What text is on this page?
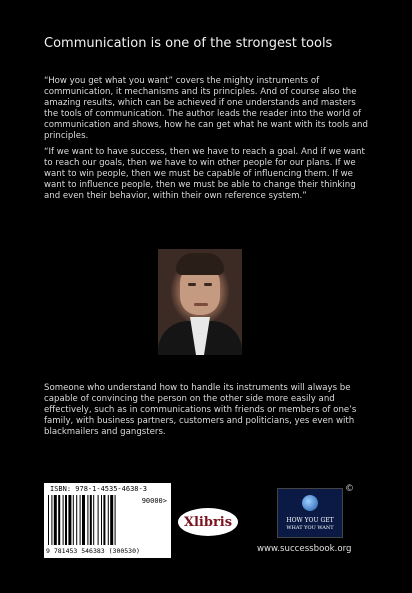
Communication is one of the strongest tools

“How you get what you want” covers the mighty instruments of communication, it mechanisms and its principles. And of course also the amazing results, which can be achieved if one understands and masters the tools of communication. The author leads the reader into the world of communication and shows, how he can get what he want with its tools and principles.

“If we want to have success, then we have to reach a goal. And if we want to reach our goals, then we have to win other people for our plans. If we want to win people, then we must be capable of influencing them. If we want to influence people, then we must be able to change their thinking and even their behavior, within their own reference system.”

Someone who understand how to handle its instruments will always be capable of convincing the person on the other side more easily and effectively, such as in communications with friends or members of one’s family, with business partners, customers and politicians, yes even with blackmailers and gangsters.

ISBN: 978-1-4535-4638-3
90000>
9 781453 546383 (300530)
Xlibris	HOW YOU GET
WHAT YOU WANT
©
www.successbook.org
